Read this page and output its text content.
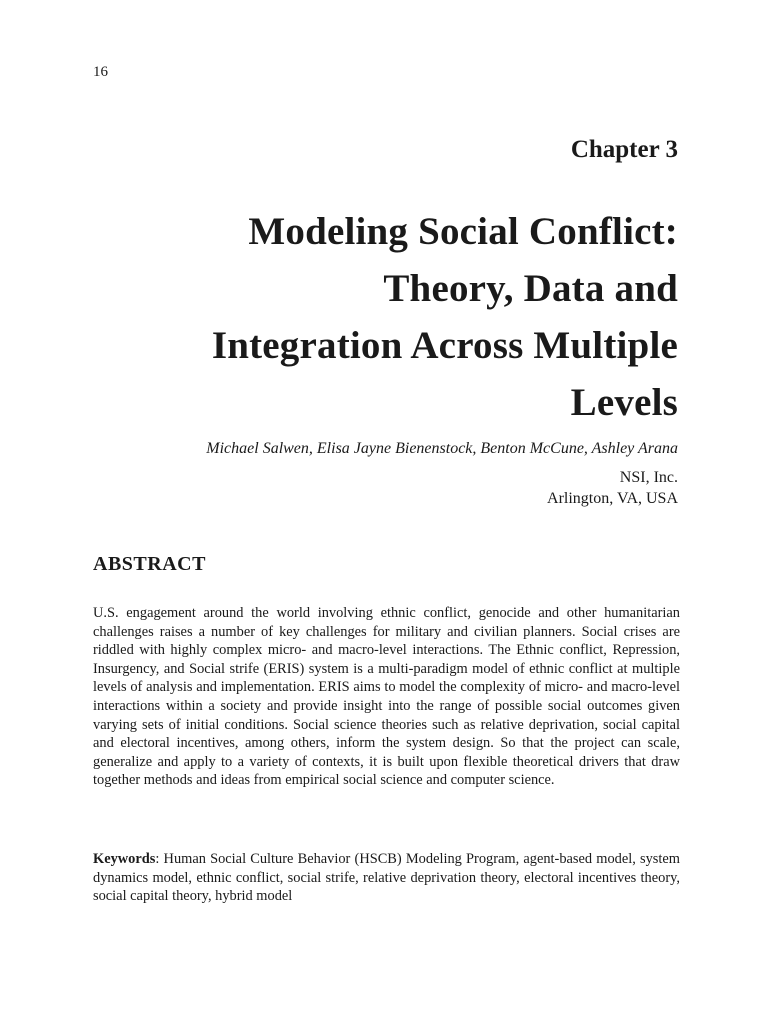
16
Chapter 3
Modeling Social Conflict:
Theory, Data and
Integration Across Multiple
Levels
Michael Salwen, Elisa Jayne Bienenstock, Benton McCune, Ashley Arana
NSI, Inc.
Arlington, VA, USA
ABSTRACT

U.S. engagement around the world involving ethnic conflict, genocide and other humanitarian challenges raises a number of key challenges for military and civilian planners. Social crises are riddled with highly complex micro- and macro-level interactions. The Ethnic conflict, Repression, Insurgency, and Social strife (ERIS) system is a multi-paradigm model of ethnic conflict at multiple levels of analysis and implementation. ERIS aims to model the complexity of micro- and macro-level interactions within a society and provide insight into the range of possible social outcomes given varying sets of initial conditions. Social science theories such as relative deprivation, social capital and electoral incentives, among others, inform the system design. So that the project can scale, generalize and apply to a variety of contexts, it is built upon flexible theoretical drivers that draw together methods and ideas from empirical social science and computer science.

Keywords: Human Social Culture Behavior (HSCB) Modeling Program, agent-based model, system dynamics model, ethnic conflict, social strife, relative deprivation theory, electoral incentives theory, social capital theory, hybrid model
